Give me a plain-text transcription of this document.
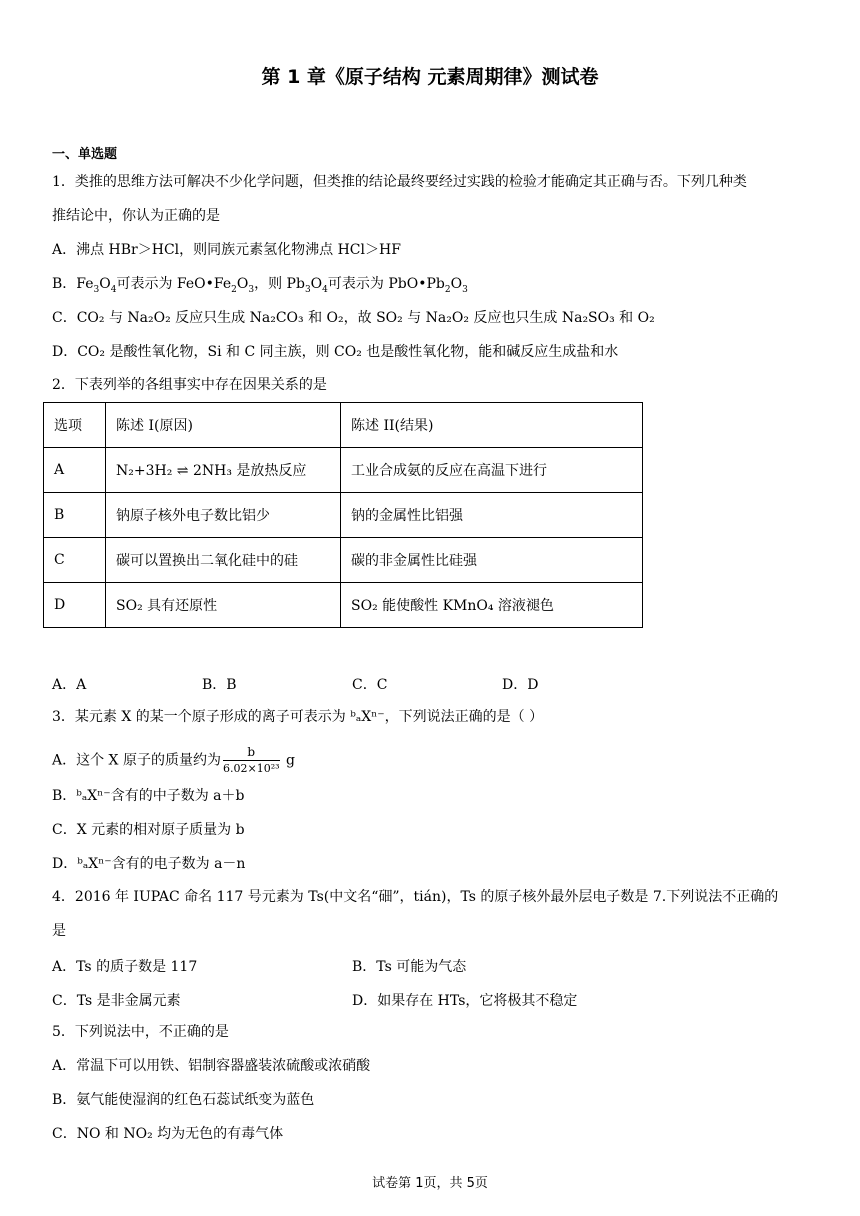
第 1 章《原子结构 元素周期律》测试卷
一、单选题
1．类推的思维方法可解决不少化学问题，但类推的结论最终要经过实践的检验才能确定其正确与否。下列几种类
推结论中，你认为正确的是
A．沸点 HBr＞HCl，则同族元素氢化物沸点 HCl＞HF
B．$Fe_3O_4$可表示为 $FeO•Fe_2O_3$，则 $Pb_3O_4$可表示为 $PbO•Pb_2O_3$
C．CO₂ 与 Na₂O₂ 反应只生成 Na₂CO₃ 和 O₂，故 SO₂ 与 Na₂O₂ 反应也只生成 Na₂SO₃ 和 O₂
D．CO₂ 是酸性氧化物，Si 和 C 同主族，则 CO₂ 也是酸性氧化物，能和碱反应生成盐和水
2．下表列举的各组事实中存在因果关系的是
选项	陈述 I(原因)	陈述 II(结果)
A	N₂+3H₂ ⇌ 2NH₃ 是放热反应	工业合成氨的反应在高温下进行
B	钠原子核外电子数比铝少	钠的金属性比铝强
C	碳可以置换出二氧化硅中的硅	碳的非金属性比硅强
D	SO₂ 具有还原性	SO₂ 能使酸性 KMnO₄ 溶液褪色
A．A	B．B	C．C	D．D
3．某元素 X 的某一个原子形成的离子可表示为 ᵇₐXⁿ⁻，下列说法正确的是（ ）
A．这个 X 原子的质量约为 $\frac{b}{\text{6.02×10²³}}$ g
B．ᵇₐXⁿ⁻含有的中子数为 a＋b
C．X 元素的相对原子质量为 b
D．ᵇₐXⁿ⁻含有的电子数为 a－n
4．2016 年 IUPAC 命名 117 号元素为 Ts(中文名“鿬”，tián)，Ts 的原子核外最外层电子数是 7.下列说法不正确的
是
A．Ts 的质子数是 117	B．Ts 可能为气态
C．Ts 是非金属元素	D．如果存在 HTs，它将极其不稳定
5．下列说法中，不正确的是
A．常温下可以用铁、铝制容器盛装浓硫酸或浓硝酸
B．氨气能使湿润的红色石蕊试纸变为蓝色
C．NO 和 NO₂ 均为无色的有毒气体
试卷第 1页，共 5页
